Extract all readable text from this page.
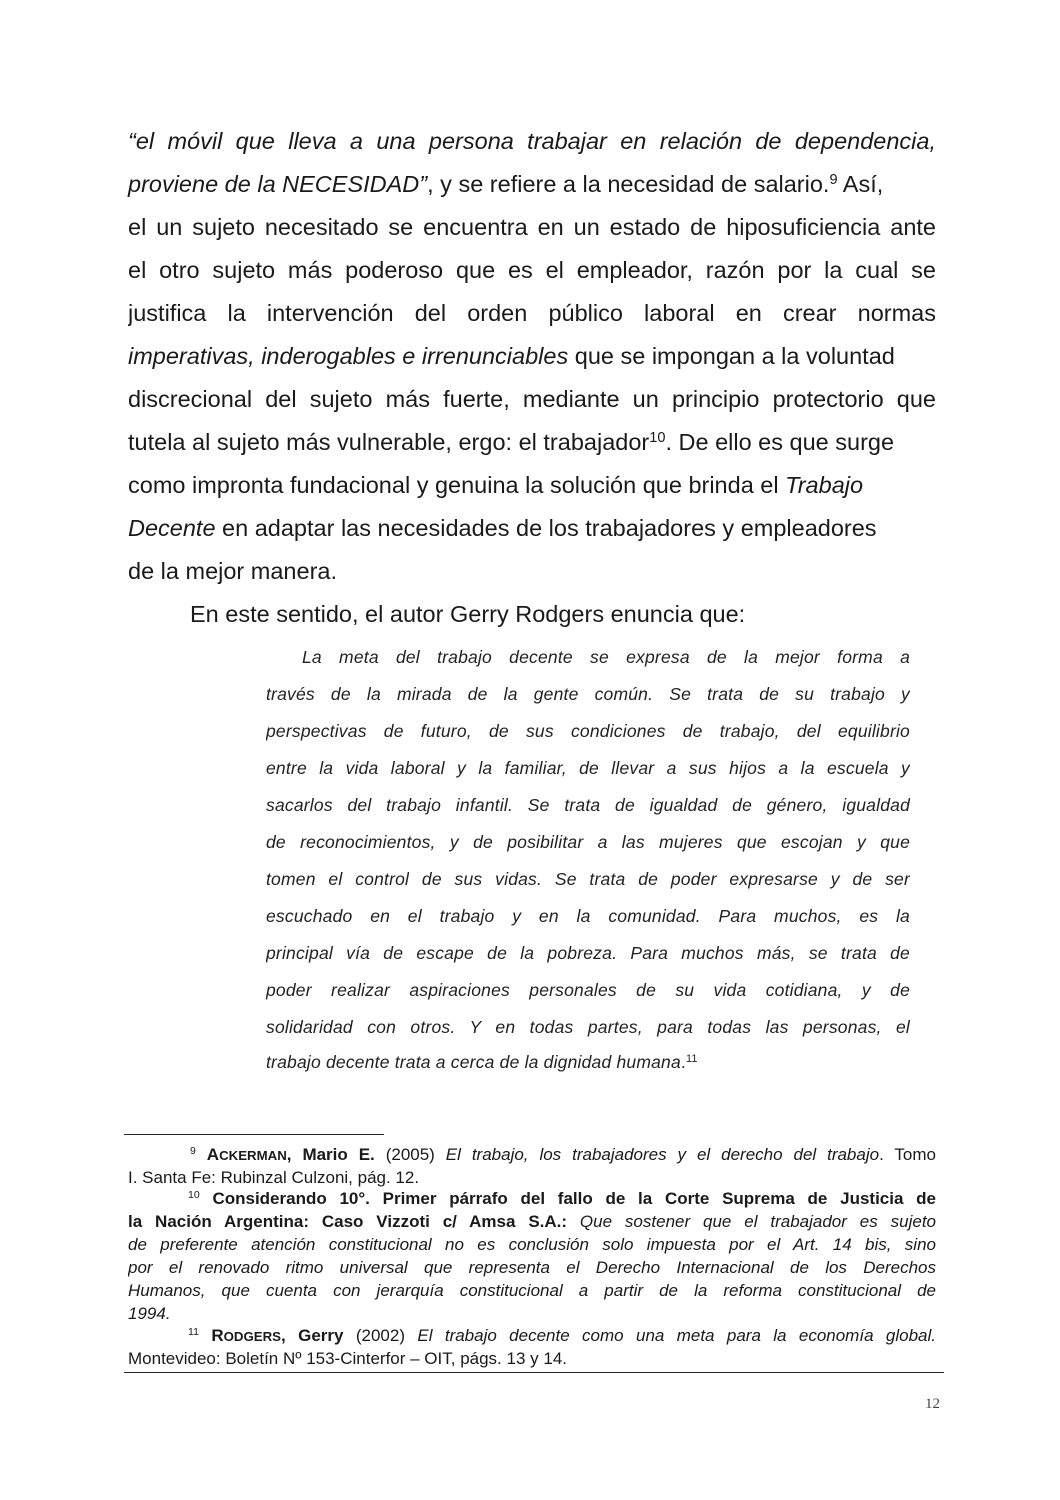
“el móvil que lleva a una persona trabajar en relación de dependencia,
proviene de la NECESIDAD”, y se refiere a la necesidad de salario.$^9$ Así,
el un sujeto necesitado se encuentra en un estado de hiposuficiencia ante
el otro sujeto más poderoso que es el empleador, razón por la cual se
justifica la intervención del orden público laboral en crear normas
imperativas, inderogables e irrenunciables que se impongan a la voluntad
discrecional del sujeto más fuerte, mediante un principio protectorio que
tutela al sujeto más vulnerable, ergo: el trabajador$^{10}$. De ello es que surge
como impronta fundacional y genuina la solución que brinda el Trabajo
Decente en adaptar las necesidades de los trabajadores y empleadores
de la mejor manera.
En este sentido, el autor Gerry Rodgers enuncia que:
La meta del trabajo decente se expresa de la mejor forma a
través de la mirada de la gente común. Se trata de su trabajo y
perspectivas de futuro, de sus condiciones de trabajo, del equilibrio
entre la vida laboral y la familiar, de llevar a sus hijos a la escuela y
sacarlos del trabajo infantil. Se trata de igualdad de género, igualdad
de reconocimientos, y de posibilitar a las mujeres que escojan y que
tomen el control de sus vidas. Se trata de poder expresarse y de ser
escuchado en el trabajo y en la comunidad. Para muchos, es la
principal vía de escape de la pobreza. Para muchos más, se trata de
poder realizar aspiraciones personales de su vida cotidiana, y de
solidaridad con otros. Y en todas partes, para todas las personas, el
trabajo decente trata a cerca de la dignidad humana.$^{11}$
$^9$ ACKERMAN, Mario E. (2005) El trabajo, los trabajadores y el derecho del trabajo. Tomo
I. Santa Fe: Rubinzal Culzoni, pág. 12.
$^{10}$ Considerando 10°. Primer párrafo del fallo de la Corte Suprema de Justicia de
la Nación Argentina: Caso Vizzoti c/ Amsa S.A.: Que sostener que el trabajador es sujeto
de preferente atención constitucional no es conclusión solo impuesta por el Art. 14 bis, sino
por el renovado ritmo universal que representa el Derecho Internacional de los Derechos
Humanos, que cuenta con jerarquía constitucional a partir de la reforma constitucional de
1994.
$^{11}$ RODGERS, Gerry (2002) El trabajo decente como una meta para la economía global.
Montevideo: Boletín Nº 153-Cinterfor – OIT, págs. 13 y 14.
12
